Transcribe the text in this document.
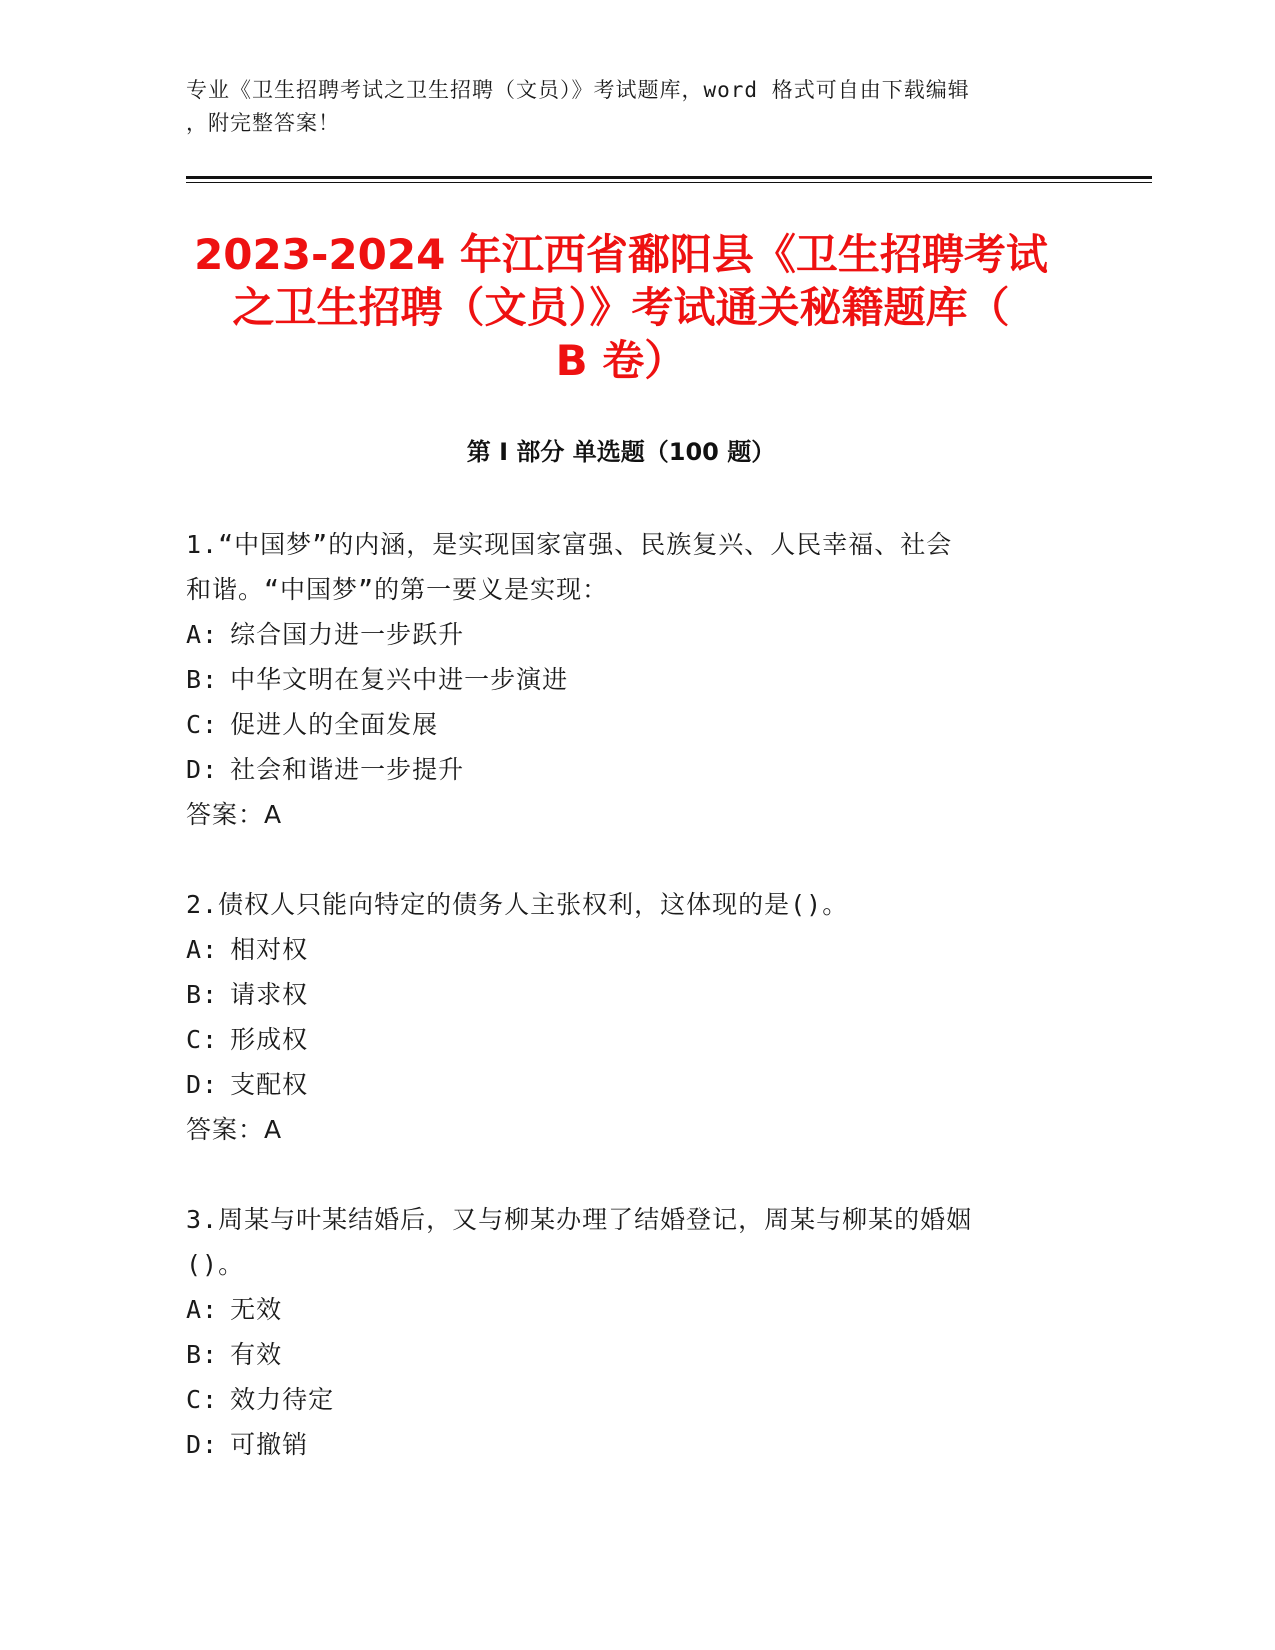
专业《卫生招聘考试之卫生招聘（文员）》考试题库，word 格式可自由下载编辑
，附完整答案！
2023-2024 年江西省鄱阳县《卫生招聘考试
之卫生招聘（文员）》考试通关秘籍题库（
B 卷）
第 I 部分 单选题（100 题）

1.“中国梦”的内涵，是实现国家富强、民族复兴、人民幸福、社会

和谐。“中国梦”的第一要义是实现：

A: 综合国力进一步跃升

B: 中华文明在复兴中进一步演进

C: 促进人的全面发展

D: 社会和谐进一步提升

答案：A

2.债权人只能向特定的债务人主张权利，这体现的是()。

A: 相对权

B: 请求权

C: 形成权

D: 支配权

答案：A

3.周某与叶某结婚后，又与柳某办理了结婚登记，周某与柳某的婚姻

()。

A: 无效

B: 有效

C: 效力待定

D: 可撤销
